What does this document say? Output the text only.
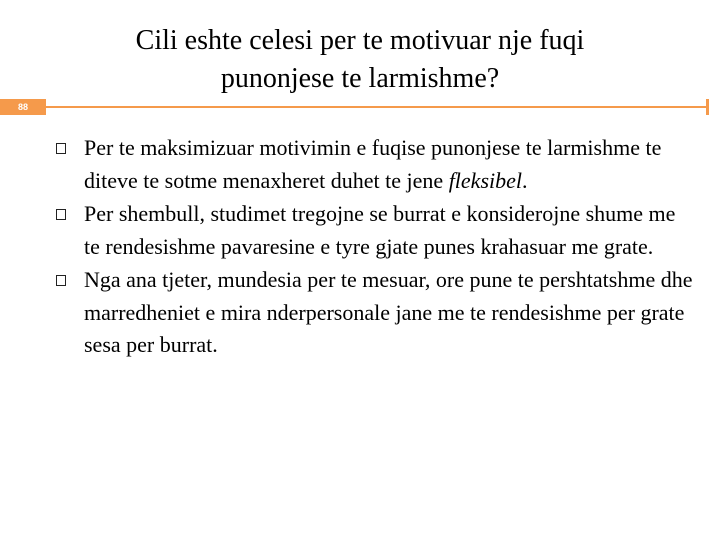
Cili eshte celesi per te motivuar nje fuqi
punonjese te larmishme?
88
Per te maksimizuar motivimin e fuqise punonjese te larmishme te diteve te sotme menaxheret duhet te jene fleksibel.
Per shembull, studimet tregojne se burrat e konsiderojne shume me te rendesishme pavaresine e tyre gjate punes krahasuar me grate.
Nga ana tjeter, mundesia per te mesuar, ore pune te pershtatshme dhe marredheniet e mira nderpersonale jane me te rendesishme per grate sesa per burrat.
